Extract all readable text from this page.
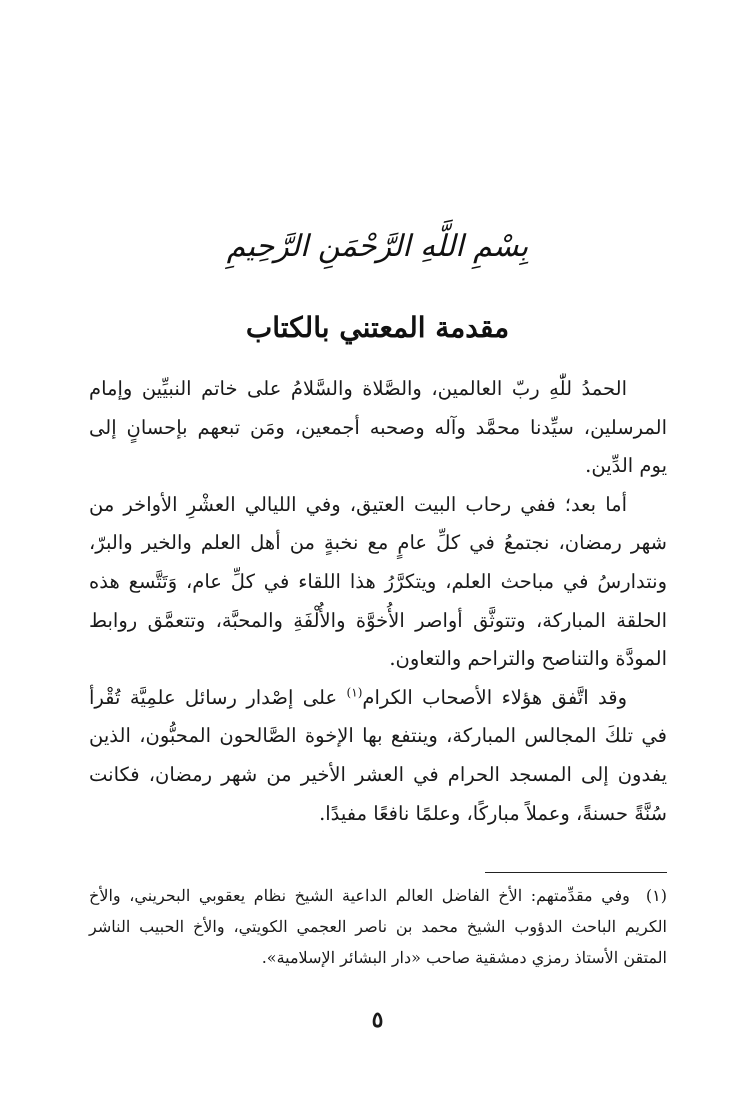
بِسْمِ اللَّهِ الرَّحْمَنِ الرَّحِيمِ
مقدمة المعتني بالكتاب

الحمدُ للّٰهِ ربّ العالمين، والصَّلاة والسَّلامُ على خاتم النبيِّين وإمام المرسلين، سيِّدنا محمَّد وآله وصحبه أجمعين، ومَن تبعهم بإحسانٍ إلى يوم الدِّين.

أما بعد؛ ففي رحاب البيت العتيق، وفي الليالي العشْرِ الأواخر من شهر رمضان، نجتمعُ في كلِّ عامٍ مع نخبةٍ من أهل العلم والخير والبرّ، ونتدارسُ في مباحث العلم، ويتكرَّرُ هذا اللقاء في كلِّ عام، وَتَتَّسع هذه الحلقة المباركة، وتتوثَّق أواصر الأُخوَّة والأُلْفَةِ والمحبَّة، وتتعمَّق روابط المودَّة والتناصح والتراحم والتعاون.

وقد اتَّفق هؤلاء الأصحاب الكرام$^{(١)}$ على إصْدار رسائل علمِيَّة تُقْرأ في تلكَ المجالس المباركة، وينتفع بها الإخوة الصَّالحون المحبُّون، الذين يفدون إلى المسجد الحرام في العشر الأخير من شهر رمضان، فكانت سُنَّةً حسنةً، وعملاً مباركًا، وعلمًا نافعًا مفيدًا.

(١)وفي مقدِّمتهم: الأخ الفاضل العالم الداعية الشيخ نظام يعقوبي البحريني، والأخ الكريم الباحث الدؤوب الشيخ محمد بن ناصر العجمي الكويتي، والأخ الحبيب الناشر المتقن الأستاذ رمزي دمشقية صاحب «دار البشائر الإسلامية».
٥
